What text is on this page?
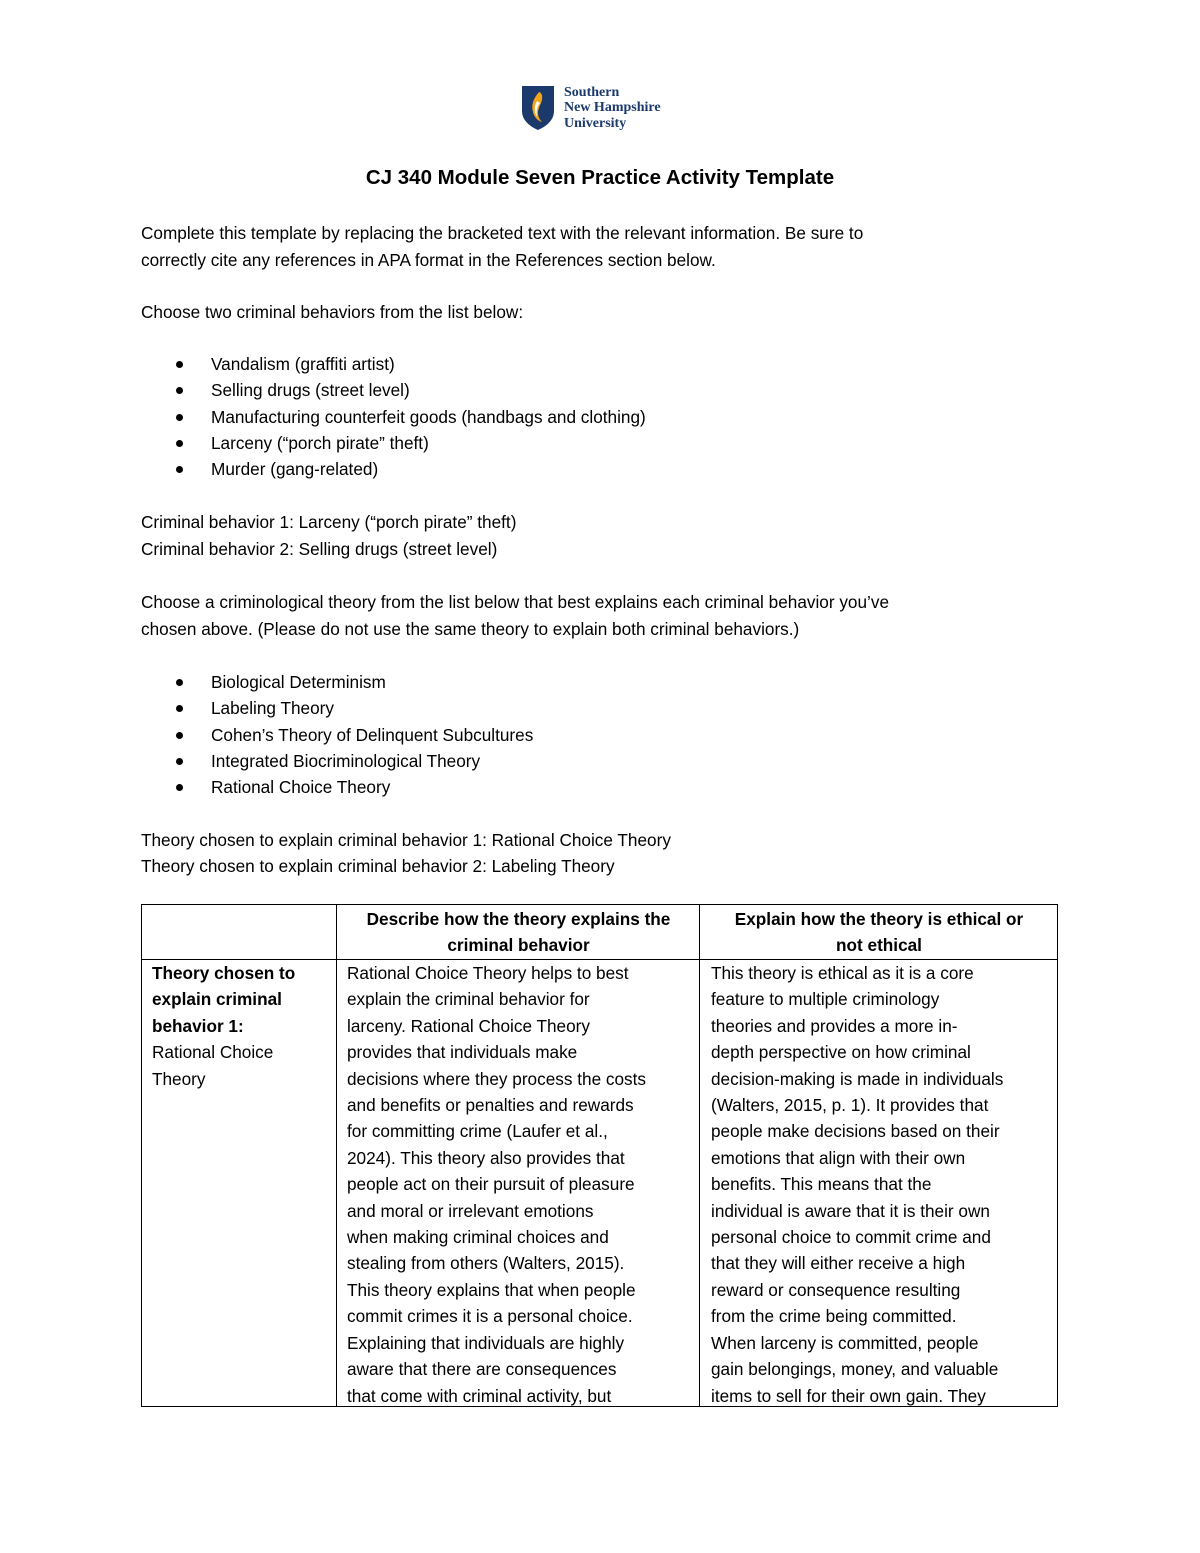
Southern
New Hampshire
University
CJ 340 Module Seven Practice Activity Template
Complete this template by replacing the bracketed text with the relevant information. Be sure to
correctly cite any references in APA format in the References section below.
Choose two criminal behaviors from the list below:
Vandalism (graffiti artist)
Selling drugs (street level)
Manufacturing counterfeit goods (handbags and clothing)
Larceny (“porch pirate” theft)
Murder (gang-related)
Criminal behavior 1: Larceny (“porch pirate” theft)
Criminal behavior 2: Selling drugs (street level)
Choose a criminological theory from the list below that best explains each criminal behavior you’ve
chosen above. (Please do not use the same theory to explain both criminal behaviors.)
Biological Determinism
Labeling Theory
Cohen’s Theory of Delinquent Subcultures
Integrated Biocriminological Theory
Rational Choice Theory
Theory chosen to explain criminal behavior 1: Rational Choice Theory
Theory chosen to explain criminal behavior 2: Labeling Theory
Describe how the theory explains the
criminal behavior
Explain how the theory is ethical or
not ethical
Theory chosen to
explain criminal
behavior 1:
Rational Choice
Theory
Rational Choice Theory helps to best
explain the criminal behavior for
larceny. Rational Choice Theory
provides that individuals make
decisions where they process the costs
and benefits or penalties and rewards
for committing crime (Laufer et al.,
2024). This theory also provides that
people act on their pursuit of pleasure
and moral or irrelevant emotions
when making criminal choices and
stealing from others (Walters, 2015).
This theory explains that when people
commit crimes it is a personal choice.
Explaining that individuals are highly
aware that there are consequences
that come with criminal activity, but
This theory is ethical as it is a core
feature to multiple criminology
theories and provides a more in-
depth perspective on how criminal
decision-making is made in individuals
(Walters, 2015, p. 1). It provides that
people make decisions based on their
emotions that align with their own
benefits. This means that the
individual is aware that it is their own
personal choice to commit crime and
that they will either receive a high
reward or consequence resulting
from the crime being committed.
When larceny is committed, people
gain belongings, money, and valuable
items to sell for their own gain. They
